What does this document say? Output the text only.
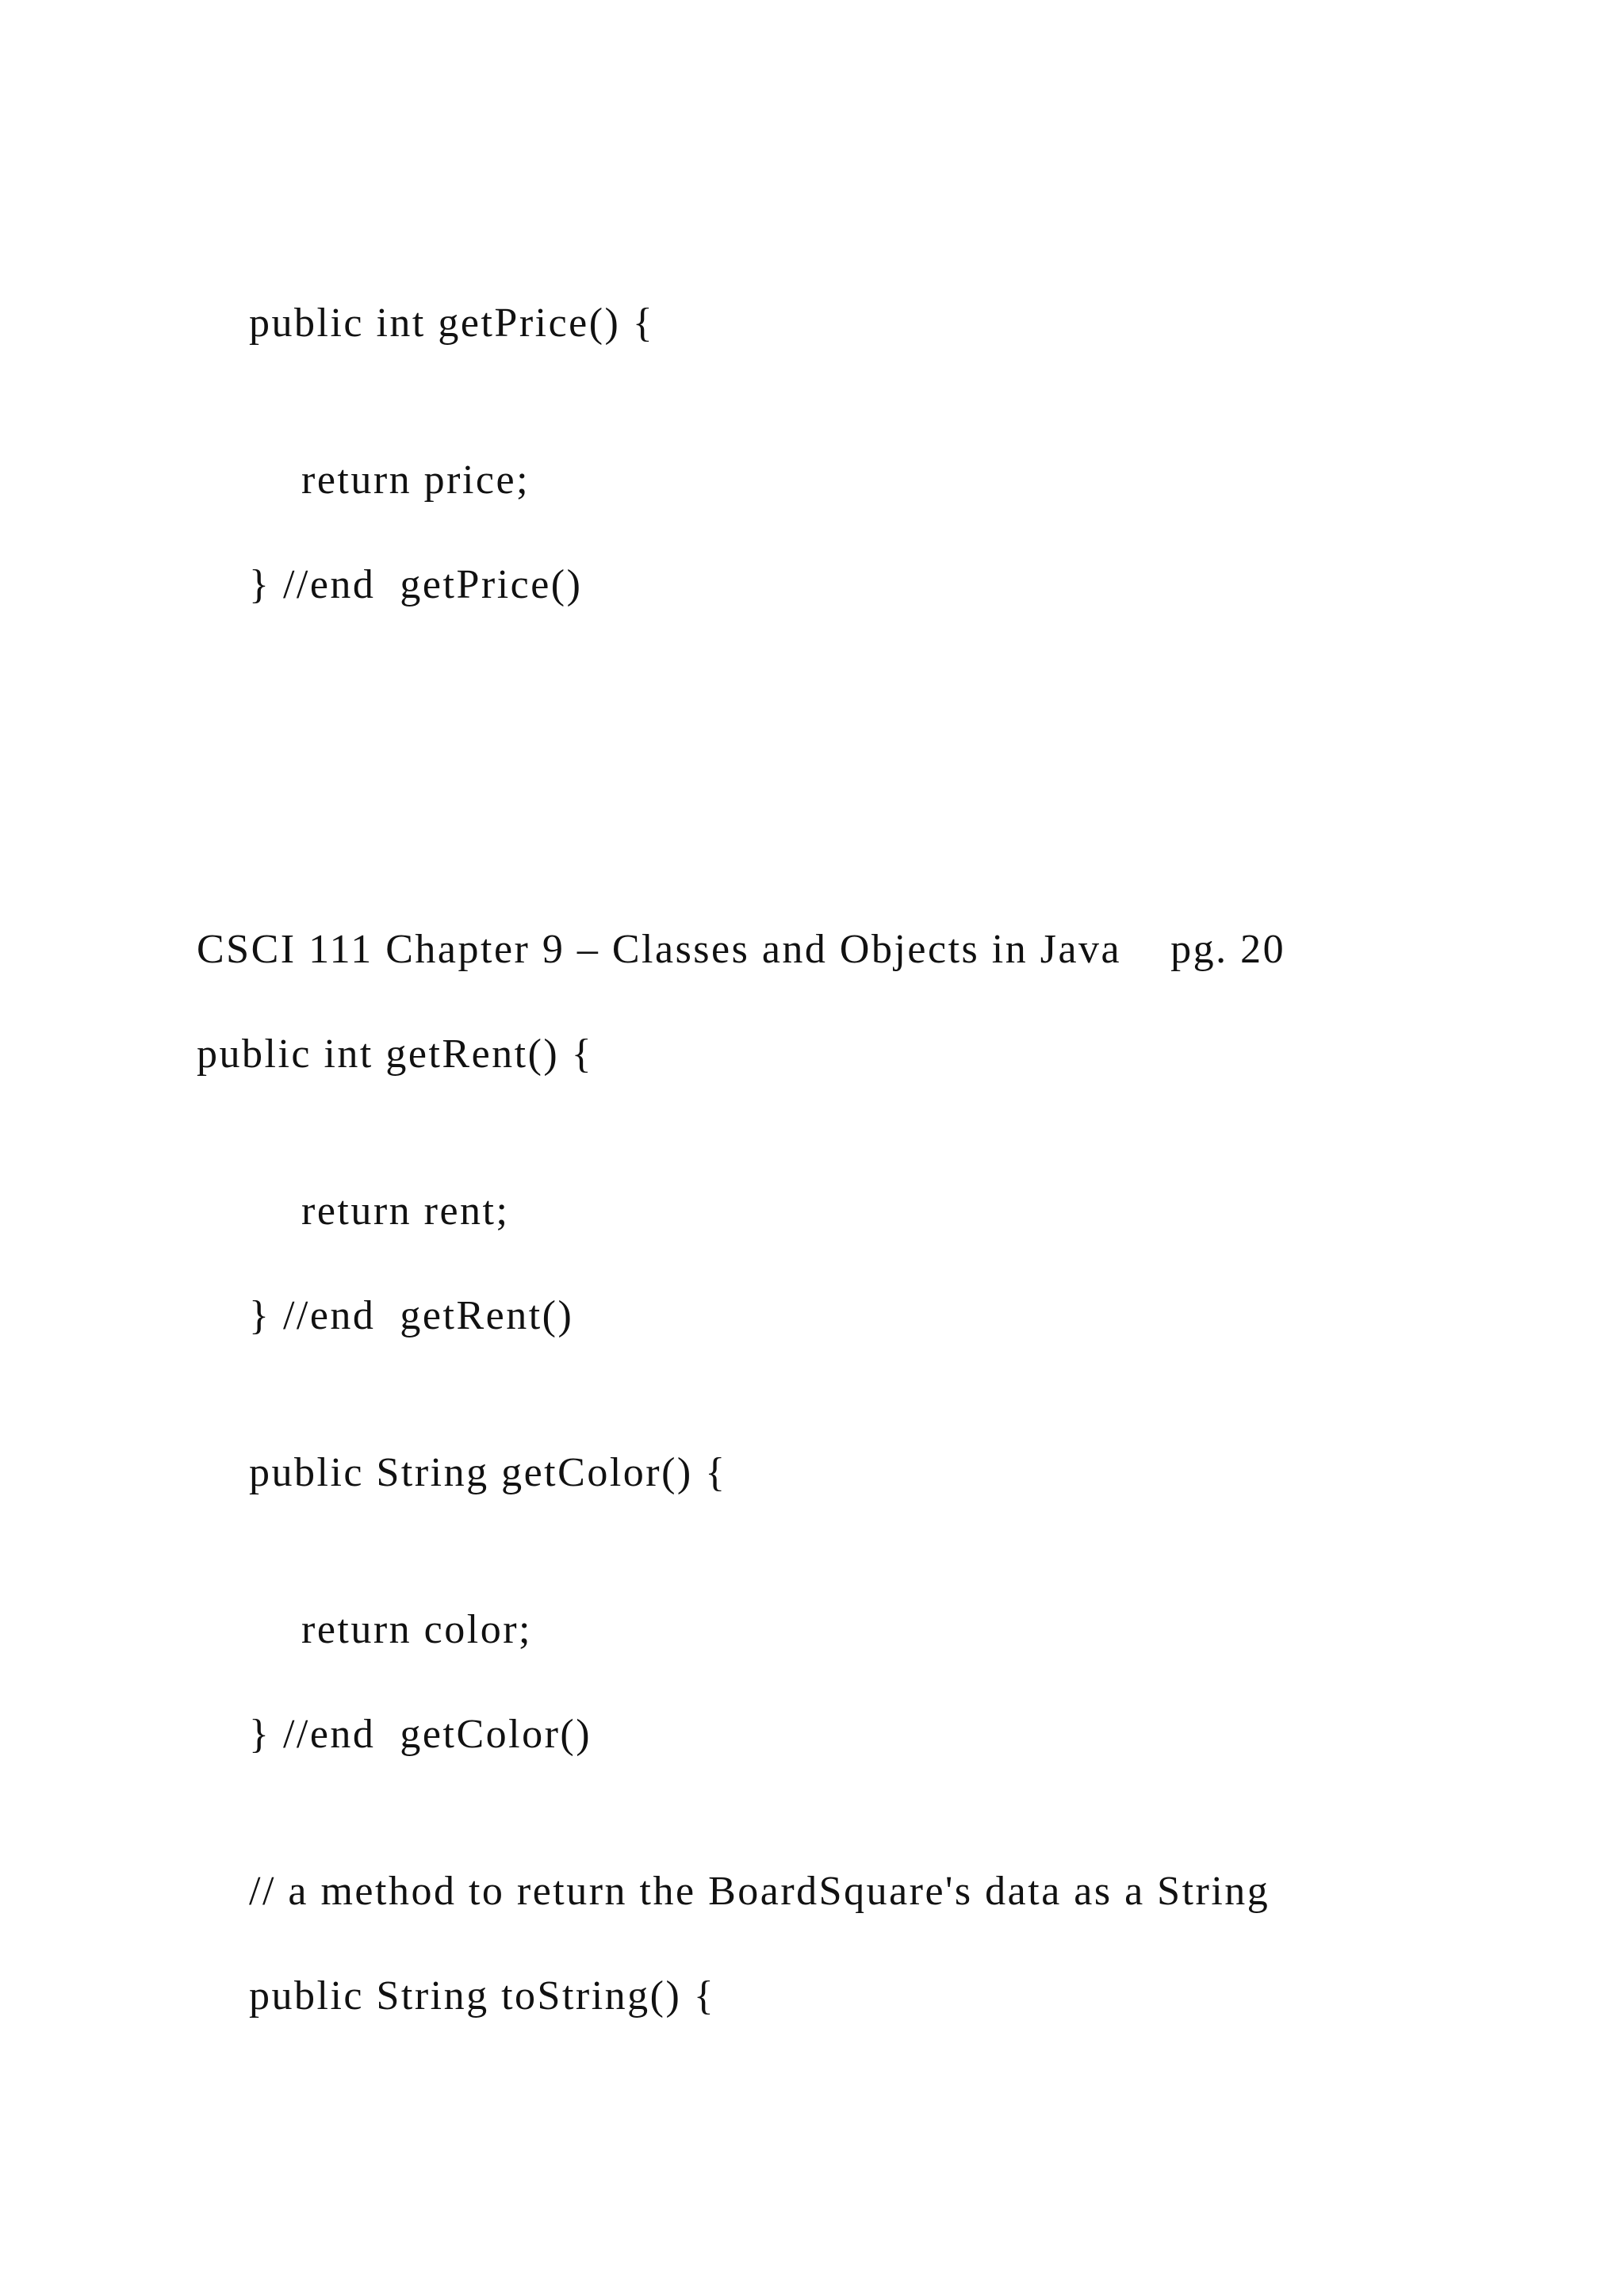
public int getPrice() {

return price;

} //end  getPrice()

CSCI 111 Chapter 9 – Classes and Objects in Java    pg. 20

public int getRent() {

return rent;

} //end  getRent()

public String getColor() {

return color;

} //end  getColor()

// a method to return the BoardSquare's data as a String

public String toString() {
